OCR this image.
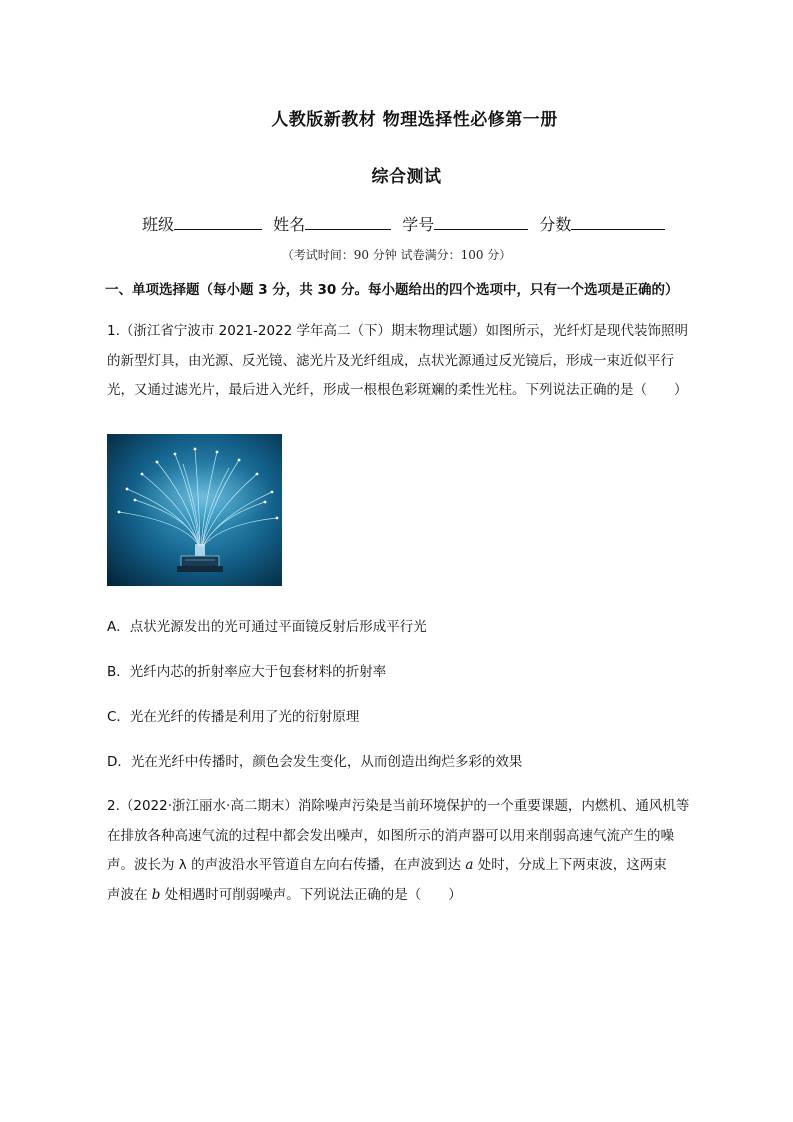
人教版新教材 物理选择性必修第一册
综合测试
班级	姓名	学号	分数
（考试时间：90 分钟 试卷满分：100 分）
一、单项选择题（每小题 3 分，共 30 分。每小题给出的四个选项中，只有一个选项是正确的）
1.（浙江省宁波市 2021-2022 学年高二（下）期末物理试题）如图所示，光纤灯是现代装饰照明
的新型灯具，由光源、反光镜、滤光片及光纤组成，点状光源通过反光镜后，形成一束近似平行
光，又通过滤光片，最后进入光纤，形成一根根色彩斑斓的柔性光柱。下列说法正确的是（　　）
A．点状光源发出的光可通过平面镜反射后形成平行光
B．光纤内芯的折射率应大于包套材料的折射率
C．光在光纤的传播是利用了光的衍射原理
D．光在光纤中传播时，颜色会发生变化，从而创造出绚烂多彩的效果
2.（2022·浙江丽水·高二期末）消除噪声污染是当前环境保护的一个重要课题，内燃机、通风机等
在排放各种高速气流的过程中都会发出噪声，如图所示的消声器可以用来削弱高速气流产生的噪
声。波长为 λ 的声波沿水平管道自左向右传播，在声波到达 a 处时，分成上下两束波，这两束
声波在 b 处相遇时可削弱噪声。下列说法正确的是（　　）
